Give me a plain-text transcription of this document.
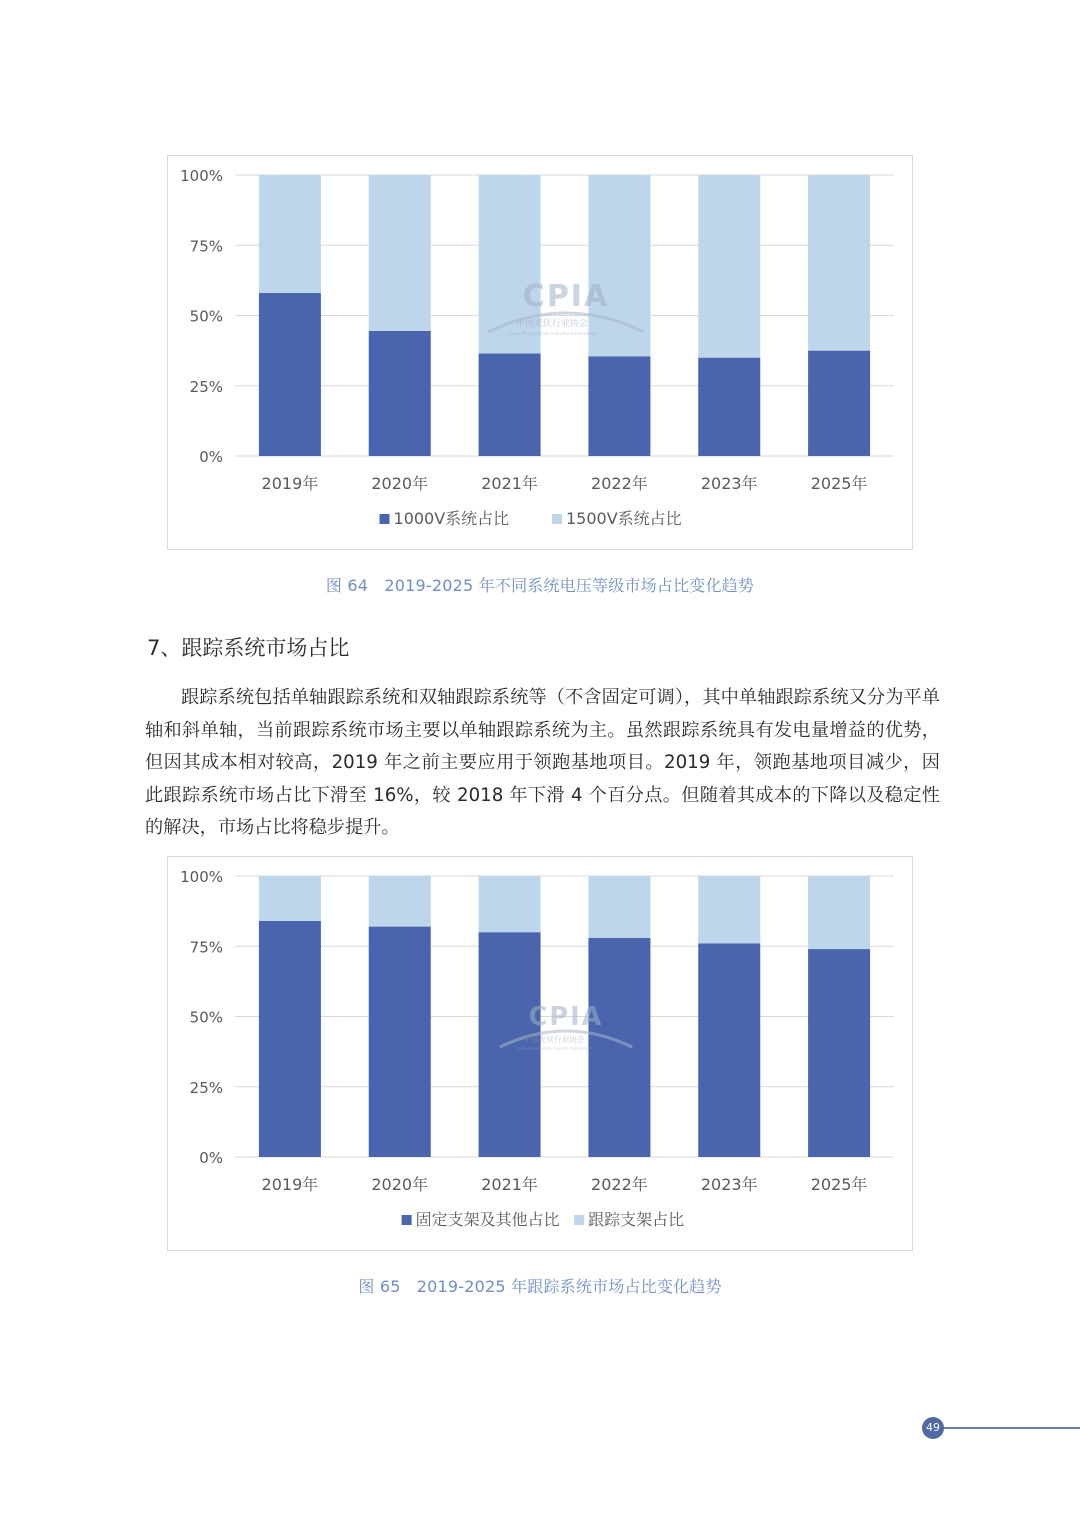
0%
25%
50%
75%
100%
2019年	2020年	2021年	2022年	2023年	2025年
1000V系统占比	1500V系统占比
CPIA
中国光伏行业协会
China Photovoltaic Industry Association
图 64　2019-2025 年不同系统电压等级市场占比变化趋势
7、跟踪系统市场占比

跟踪系统包括单轴跟踪系统和双轴跟踪系统等（不含固定可调），其中单轴跟踪系统又分为平单轴和斜单轴，当前跟踪系统市场主要以单轴跟踪系统为主。虽然跟踪系统具有发电量增益的优势，但因其成本相对较高，2019 年之前主要应用于领跑基地项目。2019 年，领跑基地项目减少，因此跟踪系统市场占比下滑至 16%，较 2018 年下滑 4 个百分点。但随着其成本的下降以及稳定性的解决，市场占比将稳步提升。

0%
25%
50%
75%
100%
2019年	2020年	2021年	2022年	2023年	2025年
固定支架及其他占比 跟踪支架占比
CPIA
中国光伏行业协会
China Photovoltaic Industry Association
图 65　2019-2025 年跟踪系统市场占比变化趋势
49
